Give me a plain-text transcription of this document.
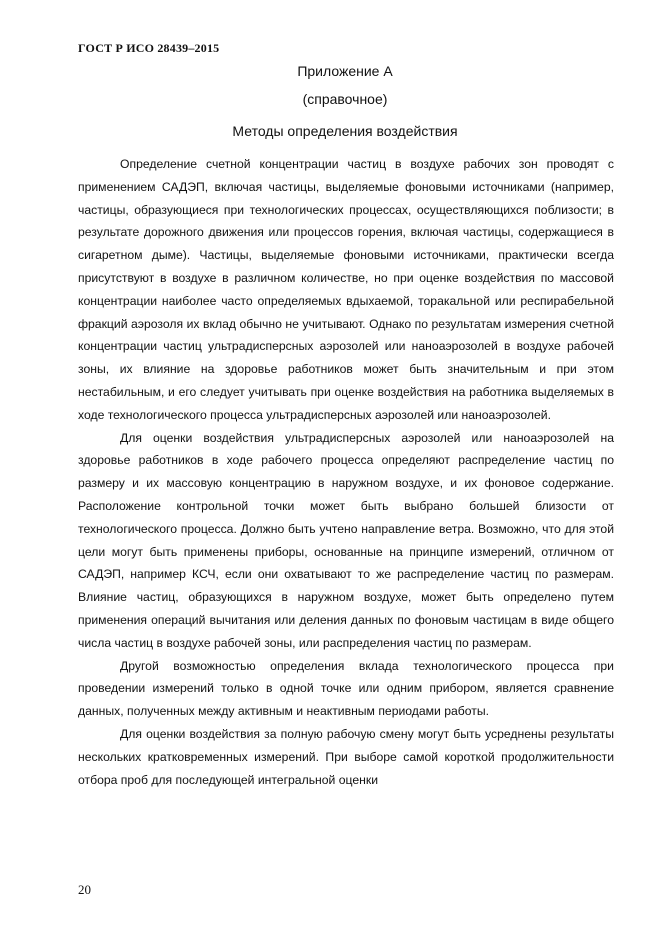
ГОСТ Р ИСО 28439–2015
Приложение А
(справочное)
Методы определения воздействия

Определение счетной концентрации частиц в воздухе рабочих зон проводят с применением САДЭП, включая частицы, выделяемые фоновыми источниками (например, частицы, образующиеся при технологических процессах, осуществляющихся поблизости; в результате дорожного движения или процессов горения, включая частицы, содержащиеся в сигаретном дыме). Частицы, выделяемые фоновыми источниками, практически всегда присутствуют в воздухе в различном количестве, но при оценке воздействия по массовой концентрации наиболее часто определяемых вдыхаемой, торакальной или респирабельной фракций аэрозоля их вклад обычно не учитывают. Однако по результатам измерения счетной концентрации частиц ультрадисперсных аэрозолей или наноаэрозолей в воздухе рабочей зоны, их влияние на здоровье работников может быть значительным и при этом нестабильным, и его следует учитывать при оценке воздействия на работника выделяемых в ходе технологического процесса ультрадисперсных аэрозолей или наноаэрозолей.

Для оценки воздействия ультрадисперсных аэрозолей или наноаэрозолей на здоровье работников в ходе рабочего процесса определяют распределение частиц по размеру и их массовую концентрацию в наружном воздухе, и их фоновое содержание. Расположение контрольной точки может быть выбрано большей близости от технологического процесса. Должно быть учтено направление ветра. Возможно, что для этой цели могут быть применены приборы, основанные на принципе измерений, отличном от САДЭП, например КСЧ, если они охватывают то же распределение частиц по размерам. Влияние частиц, образующихся в наружном воздухе, может быть определено путем применения операций вычитания или деления данных по фоновым частицам в виде общего числа частиц в воздухе рабочей зоны, или распределения частиц по размерам.

Другой возможностью определения вклада технологического процесса при проведении измерений только в одной точке или одним прибором, является сравнение данных, полученных между активным и неактивным периодами работы.

Для оценки воздействия за полную рабочую смену могут быть усреднены результаты нескольких кратковременных измерений. При выборе самой короткой продолжительности отбора проб для последующей интегральной оценки

20
